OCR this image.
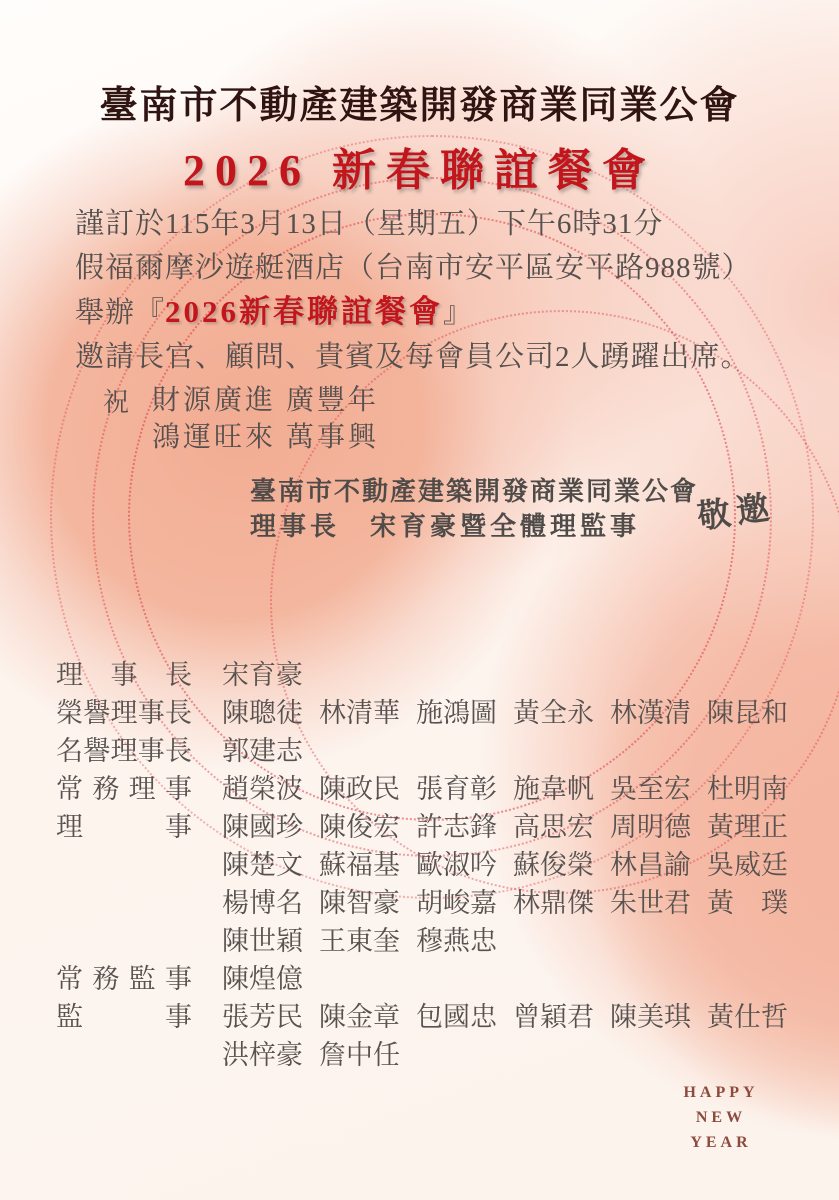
臺南市不動產建築開發商業同業公會
2026 新春聯誼餐會
謹訂於115年3月13日（星期五）下午6時31分
假福爾摩沙遊艇酒店（台南市安平區安平路988號）
舉辦『2026新春聯誼餐會』
邀請長官、顧問、貴賓及每會員公司2人踴躍出席。
祝 財源廣進 廣豐年
鴻運旺來 萬事興
臺南市不動產建築開發商業同業公會
理事長　宋育豪暨全體理監事	敬邀
理事長 宋育豪
榮譽理事長 陳聰徒 林清華 施鴻圖 黃全永 林漢清 陳昆和
名譽理事長 郭建志
常務理事 趙榮波 陳政民 張育彰 施韋帆 吳至宏 杜明南
理事 陳國珍 陳俊宏 許志鋒 高思宏 周明德 黃理正
陳楚文 蘇福基 歐淑吟 蘇俊榮 林昌諭 吳威廷
楊博名 陳智豪 胡峻嘉 林鼎傑 朱世君 黃璞
陳世穎 王東奎 穆燕忠
常務監事 陳煌億
監事 張芳民 陳金章 包國忠 曾穎君 陳美琪 黃仕哲
洪梓豪 詹中任
HAPPY
NEW
YEAR
